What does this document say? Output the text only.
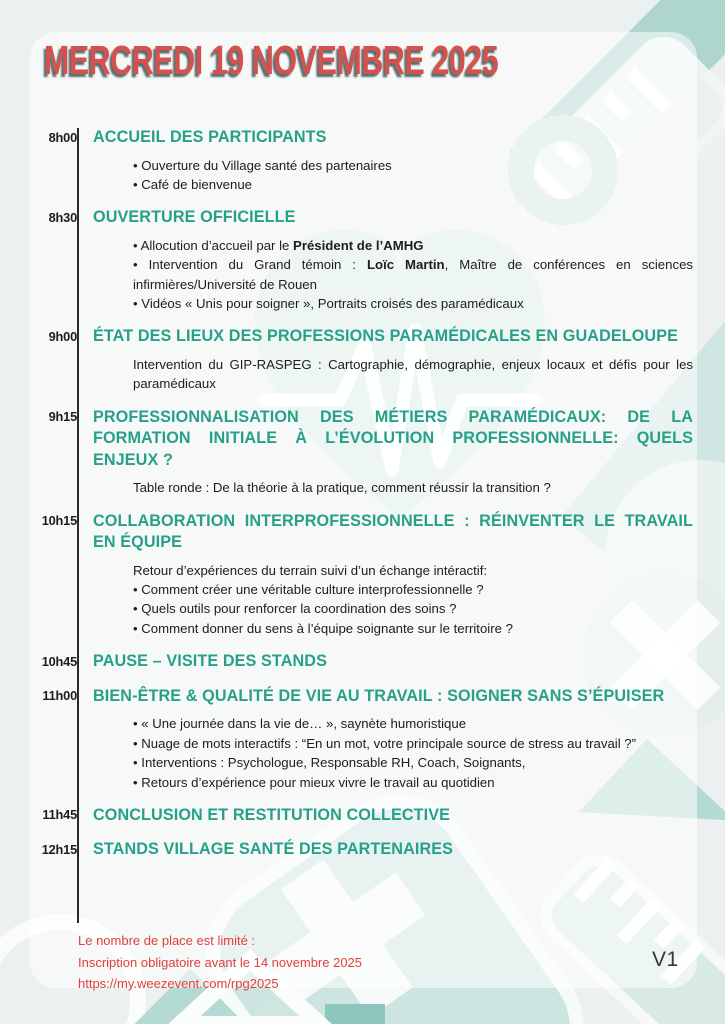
MERCREDI 19 NOVEMBRE 2025
8h00 ACCUEIL DES PARTICIPANTS
• Ouverture du Village santé des partenaires
• Café de bienvenue
8h30 OUVERTURE OFFICIELLE
• Allocution d’accueil par le Président de l’AMHG
• Intervention du Grand témoin : Loïc Martin, Maître de conférences en sciences infirmières/Université de Rouen
• Vidéos « Unis pour soigner », Portraits croisés des paramédicaux
9h00 ÉTAT DES LIEUX DES PROFESSIONS PARAMÉDICALES EN GUADELOUPE
Intervention du GIP-RASPEG : Cartographie, démographie, enjeux locaux et défis pour les paramédicaux
9h15 PROFESSIONNALISATION DES MÉTIERS PARAMÉDICAUX: DE LA FORMATION INITIALE À L’ÉVOLUTION PROFESSIONNELLE: QUELS ENJEUX ?
Table ronde : De la théorie à la pratique, comment réussir la transition ?
10h15 COLLABORATION INTERPROFESSIONNELLE : RÉINVENTER LE TRAVAIL EN ÉQUIPE
Retour d’expériences du terrain suivi d’un échange intéractif:
• Comment créer une véritable culture interprofessionnelle ?
• Quels outils pour renforcer la coordination des soins ?
• Comment donner du sens à l’équipe soignante sur le territoire ?
10h45 PAUSE – VISITE DES STANDS
11h00 BIEN-ÊTRE & QUALITÉ DE VIE AU TRAVAIL : SOIGNER SANS S’ÉPUISER
• « Une journée dans la vie de… », saynète humoristique
• Nuage de mots interactifs : “En un mot, votre principale source de stress au travail ?”
• Interventions : Psychologue, Responsable RH, Coach, Soignants,
• Retours d’expérience pour mieux vivre le travail au quotidien
11h45 CONCLUSION ET RESTITUTION COLLECTIVE
12h15 STANDS VILLAGE SANTÉ DES PARTENAIRES
Le nombre de place est limité :
Inscription obligatoire avant le 14 novembre 2025
https://my.weezevent.com/rpg2025
V1
